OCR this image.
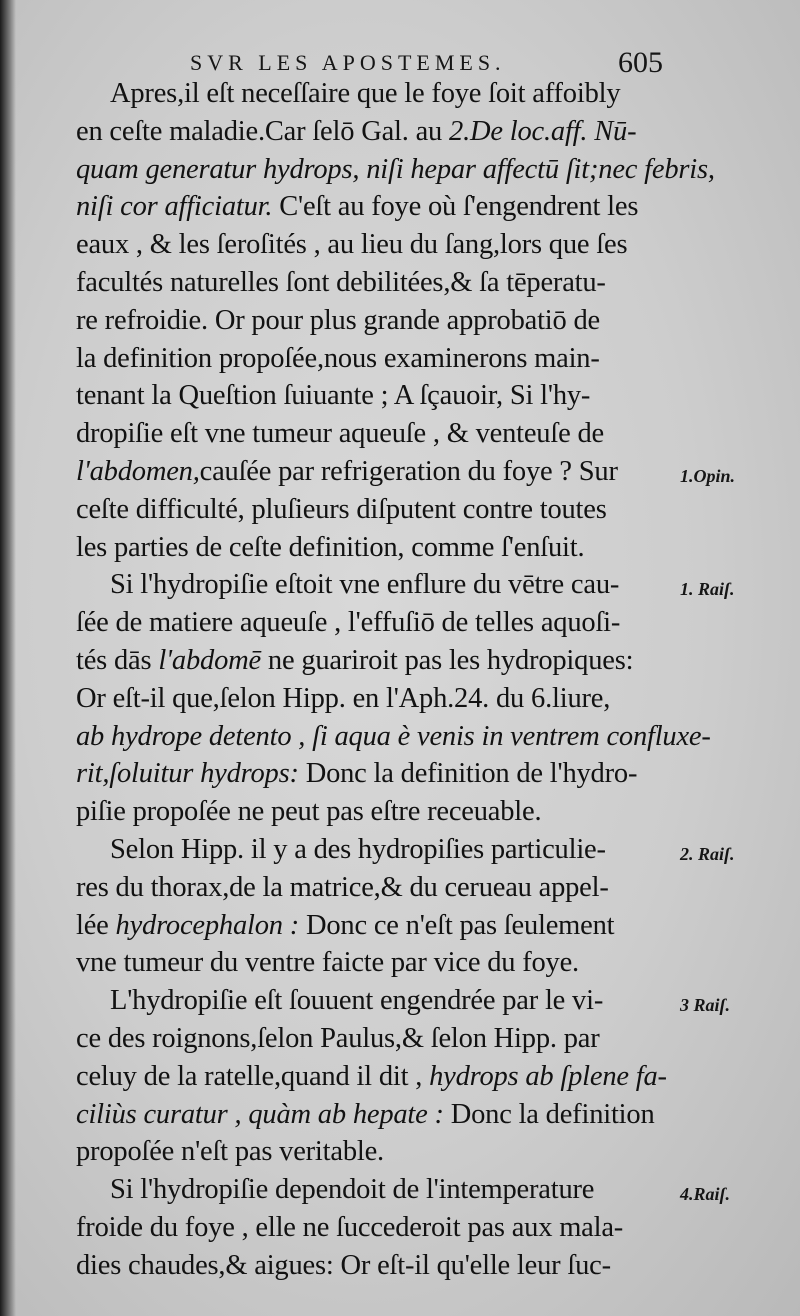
SVR LES APOSTEMES.	605
Apres,il eſt neceſſaire que le foye ſoit affoibly
en ceſte maladie.Car ſelō Gal. au 2.De loc.aff. Nū-
quam generatur hydrops, niſi hepar affectū ſit;nec febris,
niſi cor afficiatur. C'eſt au foye où ſ'engendrent les
eaux , & les ſeroſités , au lieu du ſang,lors que ſes
facultés naturelles ſont debilitées,& ſa tēperatu-
re refroidie. Or pour plus grande approbatiō de
la definition propoſée,nous examinerons main-
tenant la Queſtion ſuiuante ; A ſçauoir, Si l'hy-
dropiſie eſt vne tumeur aqueuſe , & venteuſe de
l'abdomen,cauſée par refrigeration du foye ? Sur	1.Opin.
ceſte difficulté, pluſieurs diſputent contre toutes
les parties de ceſte definition, comme ſ'enſuit.
Si l'hydropiſie eſtoit vne enflure du vētre cau-	1. Raiſ.
ſée de matiere aqueuſe , l'effuſiō de telles aquoſi-
tés dās l'abdomē ne guariroit pas les hydropiques:
Or eſt-il que,ſelon Hipp. en l'Aph.24. du 6.liure,
ab hydrope detento , ſi aqua è venis in ventrem confluxe-
rit,ſoluitur hydrops: Donc la definition de l'hydro-
piſie propoſée ne peut pas eſtre receuable.
Selon Hipp. il y a des hydropiſies particulie-	2. Raiſ.
res du thorax,de la matrice,& du cerueau appel-
lée hydrocephalon : Donc ce n'eſt pas ſeulement
vne tumeur du ventre faicte par vice du foye.
L'hydropiſie eſt ſouuent engendrée par le vi-	3 Raiſ.
ce des roignons,ſelon Paulus,& ſelon Hipp. par
celuy de la ratelle,quand il dit , hydrops ab ſplene fa-
ciliùs curatur , quàm ab hepate : Donc la definition
propoſée n'eſt pas veritable.
Si l'hydropiſie dependoit de l'intemperature	4.Raiſ.
froide du foye , elle ne ſuccederoit pas aux mala-
dies chaudes,& aigues: Or eſt-il qu'elle leur ſuc-
